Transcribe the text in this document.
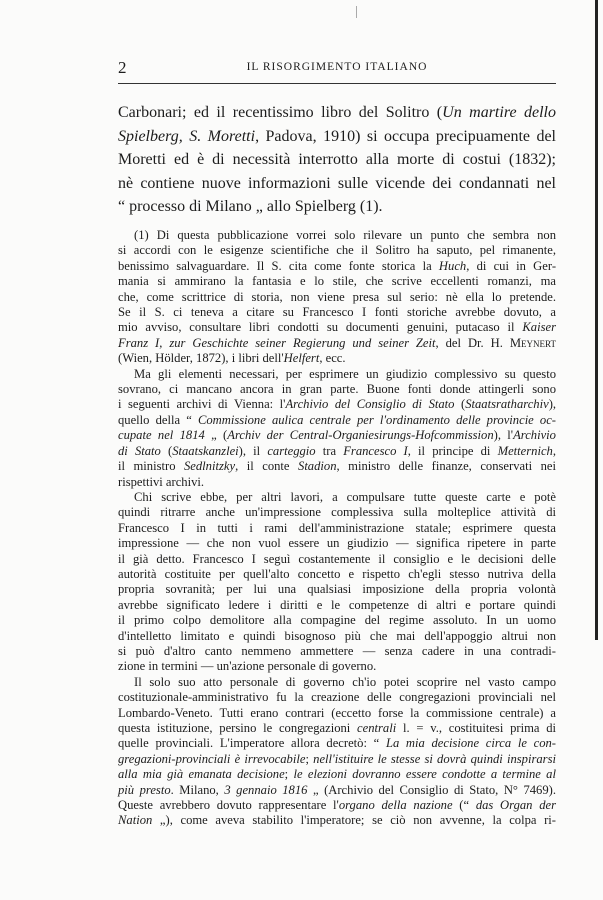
2	IL RISORGIMENTO ITALIANO
Carbonari; ed il recentissimo libro del Solitro (Un martire dello
Spielberg, S. Moretti, Padova, 1910) si occupa precipuamente del
Moretti ed è di necessità interrotto alla morte di costui (1832);
nè contiene nuove informazioni sulle vicende dei condannati nel
“ processo di Milano „ allo Spielberg (1).
(1) Di questa pubblicazione vorrei solo rilevare un punto che sembra non
si accordi con le esigenze scientifiche che il Solitro ha saputo, pel rimanente,
benissimo salvaguardare. Il S. cita come fonte storica la Huch, di cui in Ger-
mania si ammirano la fantasia e lo stile, che scrive eccellenti romanzi, ma
che, come scrittrice di storia, non viene presa sul serio: nè ella lo pretende.
Se il S. ci teneva a citare su Francesco I fonti storiche avrebbe dovuto, a
mio avviso, consultare libri condotti su documenti genuini, putacaso il Kaiser
Franz I, zur Geschichte seiner Regierung und seiner Zeit, del Dr. H. Meynert
(Wien, Hölder, 1872), i libri dell'Helfert, ecc.
Ma gli elementi necessari, per esprimere un giudizio complessivo su questo
sovrano, ci mancano ancora in gran parte. Buone fonti donde attingerli sono
i seguenti archivi di Vienna: l'Archivio del Consiglio di Stato (Staatsratharchiv),
quello della “ Commissione aulica centrale per l'ordinamento delle provincie oc-
cupate nel 1814 „ (Archiv der Central-Organiesirungs-Hofcommission), l'Archivio
di Stato (Staatskanzlei), il carteggio tra Francesco I, il principe di Metternich,
il ministro Sedlnitzky, il conte Stadion, ministro delle finanze, conservati nei
rispettivi archivi.
Chi scrive ebbe, per altri lavori, a compulsare tutte queste carte e potè
quindi ritrarre anche un'impressione complessiva sulla molteplice attività di
Francesco I in tutti i rami dell'amministrazione statale; esprimere questa
impressione — che non vuol essere un giudizio — significa ripetere in parte
il già detto. Francesco I seguì costantemente il consiglio e le decisioni delle
autorità costituite per quell'alto concetto e rispetto ch'egli stesso nutriva della
propria sovranità; per lui una qualsiasi imposizione della propria volontà
avrebbe significato ledere i diritti e le competenze di altri e portare quindi
il primo colpo demolitore alla compagine del regime assoluto. In un uomo
d'intelletto limitato e quindi bisognoso più che mai dell'appoggio altrui non
si può d'altro canto nemmeno ammettere — senza cadere in una contradi-
zione in termini — un'azione personale di governo.
Il solo suo atto personale di governo ch'io potei scoprire nel vasto campo
costituzionale-amministrativo fu la creazione delle congregazioni provinciali nel
Lombardo-Veneto. Tutti erano contrari (eccetto forse la commissione centrale) a
questa istituzione, persino le congregazioni centrali l. = v., costituitesi prima di
quelle provinciali. L'imperatore allora decretò: “ La mia decisione circa le con-
gregazioni-provinciali è irrevocabile; nell'istituire le stesse si dovrà quindi inspirarsi
alla mia già emanata decisione; le elezioni dovranno essere condotte a termine al
più presto. Milano, 3 gennaio 1816 „ (Archivio del Consiglio di Stato, N° 7469).
Queste avrebbero dovuto rappresentare l'organo della nazione (“ das Organ der
Nation „), come aveva stabilito l'imperatore; se ciò non avvenne, la colpa ri-
